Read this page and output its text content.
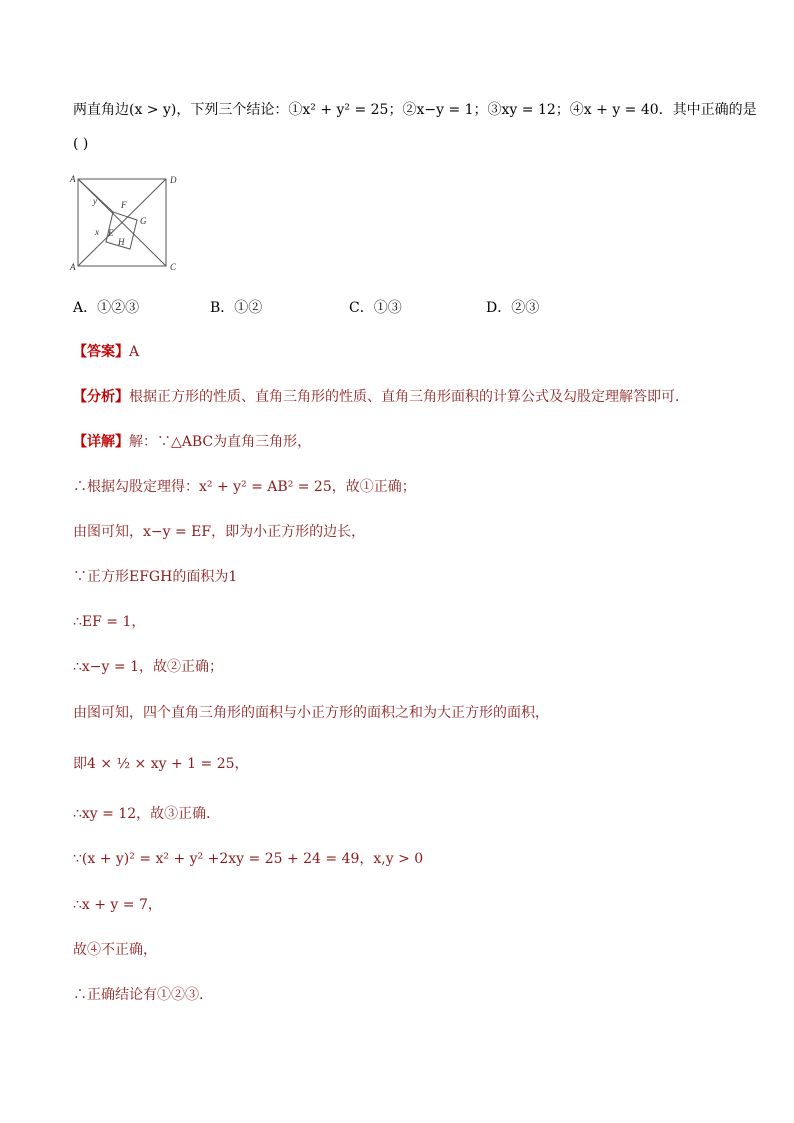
两直角边(x > y)，下列三个结论：①x² + y² = 25；②x−y = 1；③xy = 12；④x + y = 40．其中正确的是
( )
A	D
A	C
F
G
E
H
x
y
A．①②③	B．①②	C．①③	D．②③
【答案】A
【分析】根据正方形的性质、直角三角形的性质、直角三角形面积的计算公式及勾股定理解答即可．
【详解】解：∵△ABC为直角三角形，
∴根据勾股定理得：x² + y² = AB² = 25，故①正确；
由图可知，x−y = EF，即为小正方形的边长，
∵正方形EFGH的面积为1
∴EF = 1，
∴x−y = 1，故②正确；
由图可知，四个直角三角形的面积与小正方形的面积之和为大正方形的面积，
即4 × ½ × xy + 1 = 25，
∴xy = 12，故③正确．
∵(x + y)² = x² + y² +2xy = 25 + 24 = 49，x,y > 0
∴x + y = 7，
故④不正确，
∴正确结论有①②③.
